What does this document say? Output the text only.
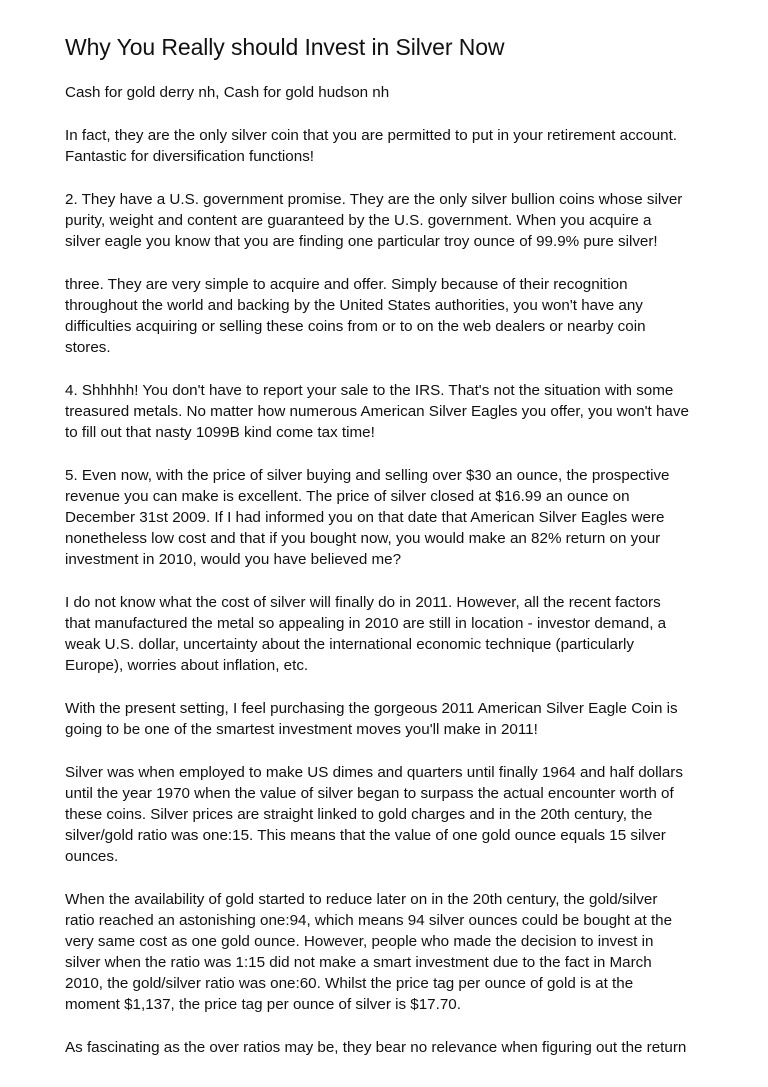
Why You Really should Invest in Silver Now

Cash for gold derry nh, Cash for gold hudson nh

In fact, they are the only silver coin that you are permitted to put in your retirement account.
Fantastic for diversification functions!

2. They have a U.S. government promise. They are the only silver bullion coins whose silver
purity, weight and content are guaranteed by the U.S. government. When you acquire a
silver eagle you know that you are finding one particular troy ounce of 99.9% pure silver!

three. They are very simple to acquire and offer. Simply because of their recognition
throughout the world and backing by the United States authorities, you won't have any
difficulties acquiring or selling these coins from or to on the web dealers or nearby coin
stores.

4. Shhhhh! You don't have to report your sale to the IRS. That's not the situation with some
treasured metals. No matter how numerous American Silver Eagles you offer, you won't have
to fill out that nasty 1099B kind come tax time!

5. Even now, with the price of silver buying and selling over $30 an ounce, the prospective
revenue you can make is excellent. The price of silver closed at $16.99 an ounce on
December 31st 2009. If I had informed you on that date that American Silver Eagles were
nonetheless low cost and that if you bought now, you would make an 82% return on your
investment in 2010, would you have believed me?

I do not know what the cost of silver will finally do in 2011. However, all the recent factors
that manufactured the metal so appealing in 2010 are still in location - investor demand, a
weak U.S. dollar, uncertainty about the international economic technique (particularly
Europe), worries about inflation, etc.

With the present setting, I feel purchasing the gorgeous 2011 American Silver Eagle Coin is
going to be one of the smartest investment moves you'll make in 2011!

Silver was when employed to make US dimes and quarters until finally 1964 and half dollars
until the year 1970 when the value of silver began to surpass the actual encounter worth of
these coins. Silver prices are straight linked to gold charges and in the 20th century, the
silver/gold ratio was one:15. This means that the value of one gold ounce equals 15 silver
ounces.

When the availability of gold started to reduce later on in the 20th century, the gold/silver
ratio reached an astonishing one:94, which means 94 silver ounces could be bought at the
very same cost as one gold ounce. However, people who made the decision to invest in
silver when the ratio was 1:15 did not make a smart investment due to the fact in March
2010, the gold/silver ratio was one:60. Whilst the price tag per ounce of gold is at the
moment $1,137, the price tag per ounce of silver is $17.70.

As fascinating as the over ratios may be, they bear no relevance when figuring out the return
